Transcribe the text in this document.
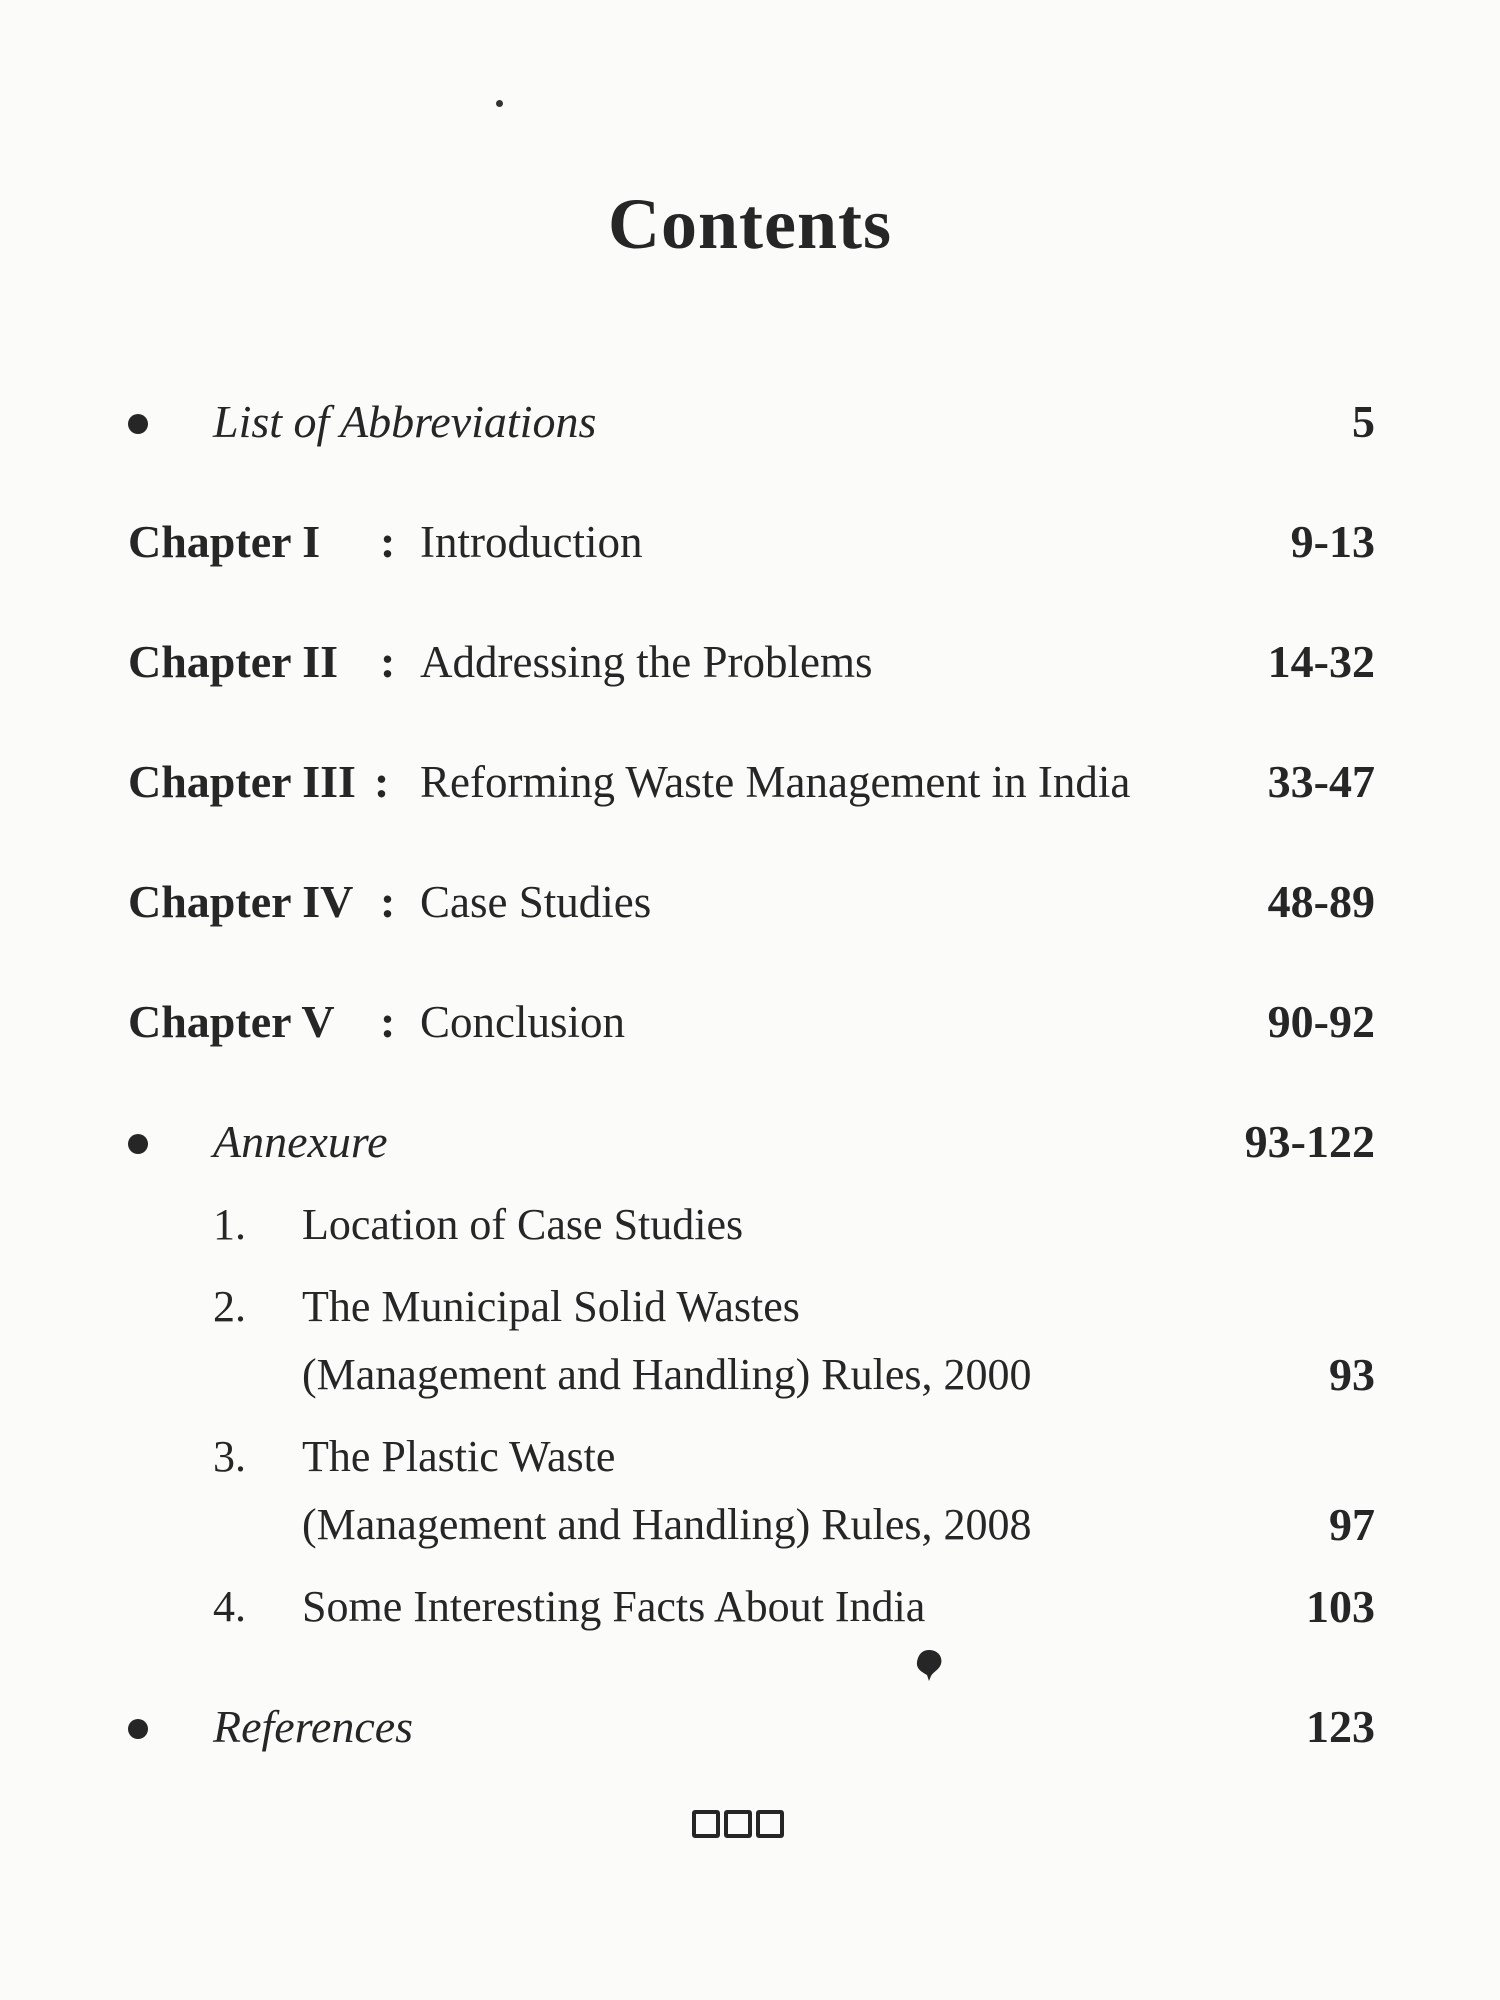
Contents
List of Abbreviations	5
Chapter I : Introduction	9-13
Chapter II : Addressing the Problems	14-32
Chapter III : Reforming Waste Management in India	33-47
Chapter IV : Case Studies	48-89
Chapter V : Conclusion	90-92
Annexure	93-122
1. Location of Case Studies
2. The Municipal Solid Wastes
(Management and Handling) Rules, 2000	93
3. The Plastic Waste
(Management and Handling) Rules, 2008	97
4. Some Interesting Facts About India	103
References	123
